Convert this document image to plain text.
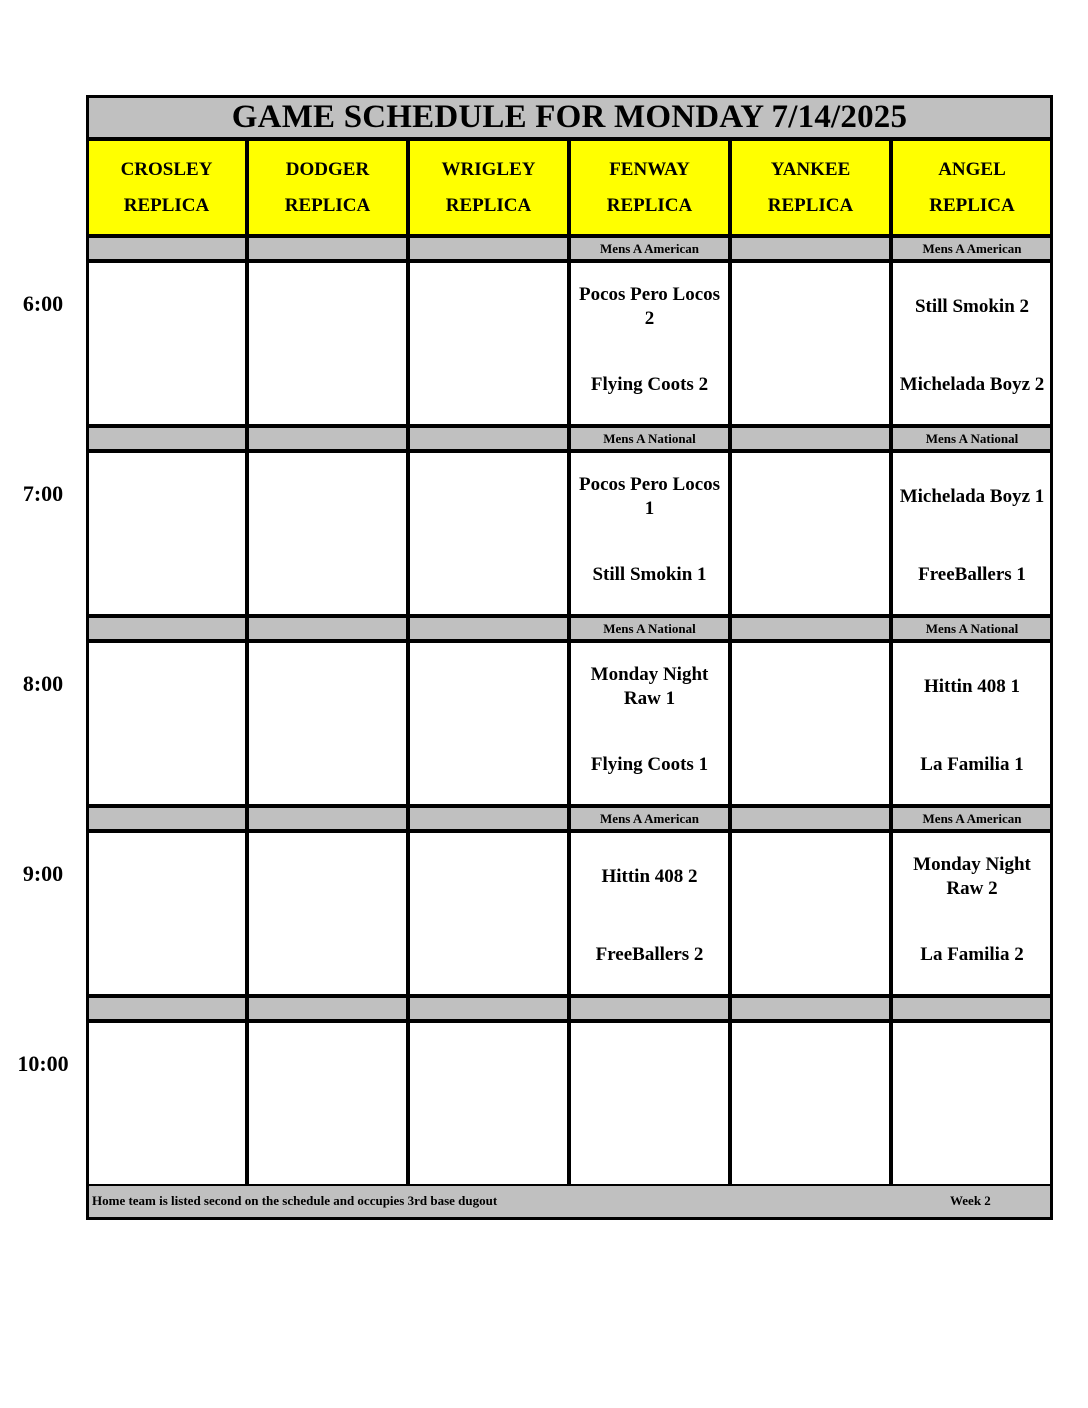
GAME SCHEDULE FOR MONDAY 7/14/2025
CROSLEY
REPLICA
DODGER
REPLICA
WRIGLEY
REPLICA
FENWAY
REPLICA
YANKEE
REPLICA
ANGEL
REPLICA
Mens A American
Pocos Pero Locos 2
Flying Coots 2
Mens A American
Still Smokin 2
Michelada Boyz 2
Mens A National
Pocos Pero Locos 1
Still Smokin 1
Mens A National
Michelada Boyz 1
FreeBallers 1
Mens A National
Monday Night Raw 1
Flying Coots 1
Mens A National
Hittin 408 1
La Familia 1
Mens A American
Hittin 408 2
FreeBallers 2
Mens A American
Monday Night Raw 2
La Familia 2
Home team is listed second on the schedule and occupies 3rd base dugout	Week 2
6:00
7:00
8:00
9:00
10:00
